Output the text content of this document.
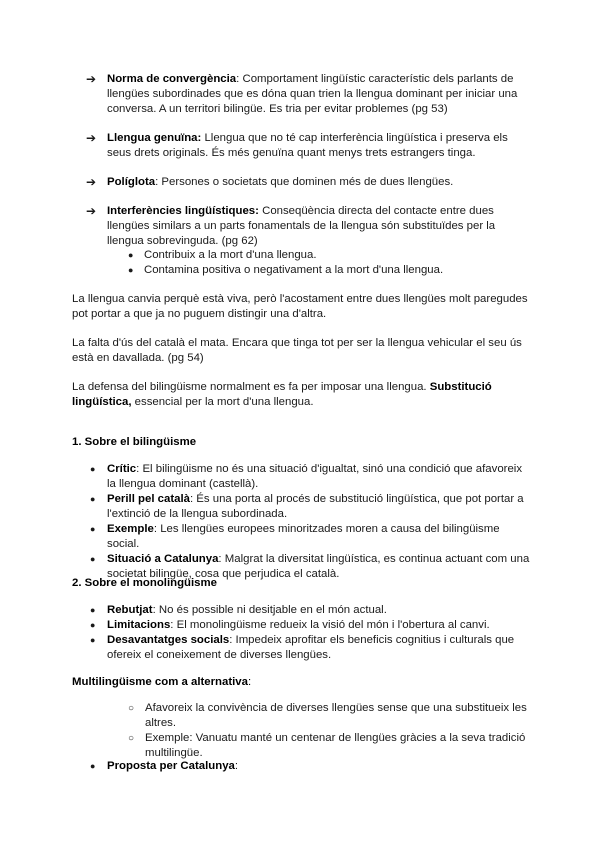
➔ Norma de convergència: Comportament lingüístic característic dels parlants de llengües subordinades que es dóna quan trien la llengua dominant per iniciar una conversa. A un territori bilingüe. Es tria per evitar problemes (pg 53)
➔ Llengua genuïna: Llengua que no té cap interferència lingüística i preserva els seus drets originals. És més genuïna quant menys trets estrangers tinga.
➔ Políglota: Persones o societats que dominen més de dues llengües.
➔ Interferències lingüístiques: Conseqüència directa del contacte entre dues llengües similars a un parts fonamentals de la llengua són substituïdes per la llengua sobrevinguda. (pg 62)
● Contribuix a la mort d'una llengua.
● Contamina positiva o negativament a la mort d'una llengua.
La llengua canvia perquè està viva, però l'acostament entre dues llengües molt paregudes pot portar a que ja no puguem distingir una d'altra.
La falta d'ús del català el mata. Encara que tinga tot per ser la llengua vehicular el seu ús està en davallada. (pg 54)
La defensa del bilingüisme normalment es fa per imposar una llengua. Substitució lingüística, essencial per la mort d'una llengua.
1. Sobre el bilingüisme
● Crític: El bilingüisme no és una situació d'igualtat, sinó una condició que afavoreix la llengua dominant (castellà).
● Perill pel català: És una porta al procés de substitució lingüística, que pot portar a l'extinció de la llengua subordinada.
● Exemple: Les llengües europees minoritzades moren a causa del bilingüisme social.
● Situació a Catalunya: Malgrat la diversitat lingüística, es continua actuant com una societat bilingüe, cosa que perjudica el català.
2. Sobre el monolingüisme
● Rebutjat: No és possible ni desitjable en el món actual.
● Limitacions: El monolingüisme redueix la visió del món i l'obertura al canvi.
● Desavantatges socials: Impedeix aprofitar els beneficis cognitius i culturals que ofereix el coneixement de diverses llengües.
Multilingüisme com a alternativa:
○ Afavoreix la convivència de diverses llengües sense que una substitueix les altres.
○ Exemple: Vanuatu manté un centenar de llengües gràcies a la seva tradició multilingüe.
● Proposta per Catalunya:
